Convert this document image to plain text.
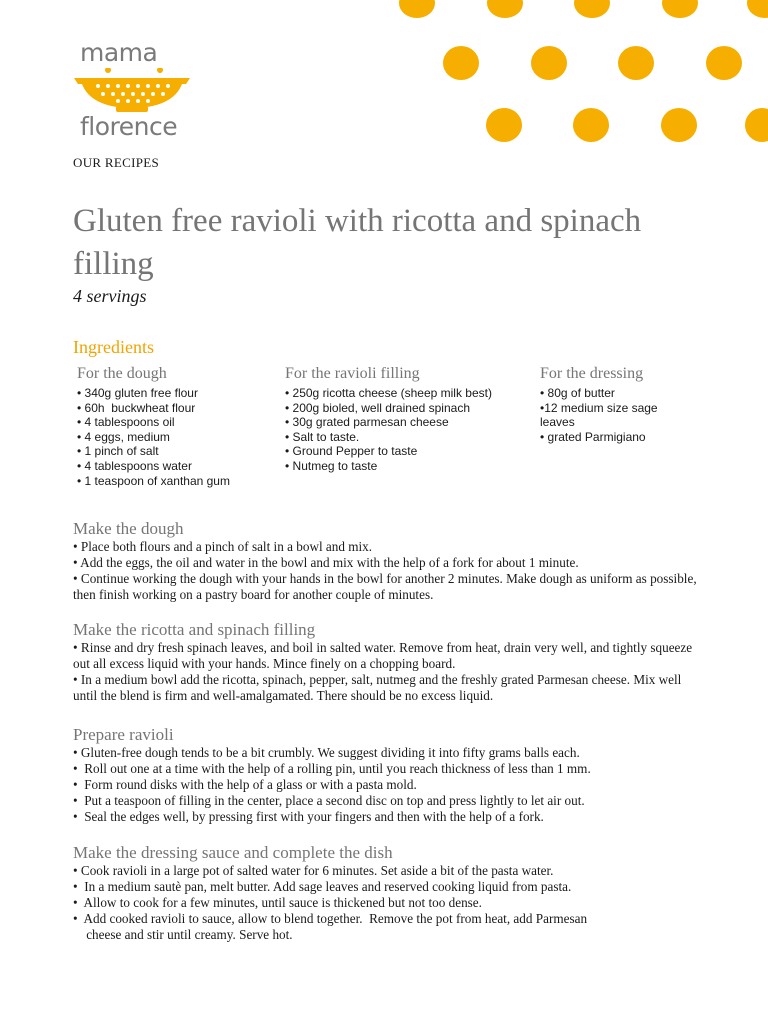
mama
florence
OUR RECIPES
Gluten free ravioli with ricotta and spinach filling
4 servings
Ingredients
For the dough
• 340g gluten free flour
• 60h  buckwheat flour
• 4 tablespoons oil
• 4 eggs, medium
• 1 pinch of salt
• 4 tablespoons water
• 1 teaspoon of xanthan gum
For the ravioli filling
• 250g ricotta cheese (sheep milk best)
• 200g bioled, well drained spinach
• 30g grated parmesan cheese
• Salt to taste.
• Ground Pepper to taste
• Nutmeg to taste
For the dressing
• 80g of butter
•12 medium size sage leaves
• grated Parmigiano
Make the dough
• Place both flours and a pinch of salt in a bowl and mix.
• Add the eggs, the oil and water in the bowl and mix with the help of a fork for about 1 minute.
• Continue working the dough with your hands in the bowl for another 2 minutes. Make dough as uniform as possible, then finish working on a pastry board for another couple of minutes.
Make the ricotta and spinach filling
• Rinse and dry fresh spinach leaves, and boil in salted water. Remove from heat, drain very well, and tightly squeeze out all excess liquid with your hands. Mince finely on a chopping board.
• In a medium bowl add the ricotta, spinach, pepper, salt, nutmeg and the freshly grated Parmesan cheese. Mix well until the blend is firm and well-amalgamated. There should be no excess liquid.
Prepare ravioli
• Gluten-free dough tends to be a bit crumbly. We suggest dividing it into fifty grams balls each.
•  Roll out one at a time with the help of a rolling pin, until you reach thickness of less than 1 mm.
•  Form round disks with the help of a glass or with a pasta mold.
•  Put a teaspoon of filling in the center, place a second disc on top and press lightly to let air out.
•  Seal the edges well, by pressing first with your fingers and then with the help of a fork.
Make the dressing sauce and complete the dish
• Cook ravioli in a large pot of salted water for 6 minutes. Set aside a bit of the pasta water.
•  In a medium sautè pan, melt butter. Add sage leaves and reserved cooking liquid from pasta.
•  Allow to cook for a few minutes, until sauce is thickened but not too dense.
•  Add cooked ravioli to sauce, allow to blend together.  Remove the pot from heat, add Parmesan
cheese and stir until creamy. Serve hot.
